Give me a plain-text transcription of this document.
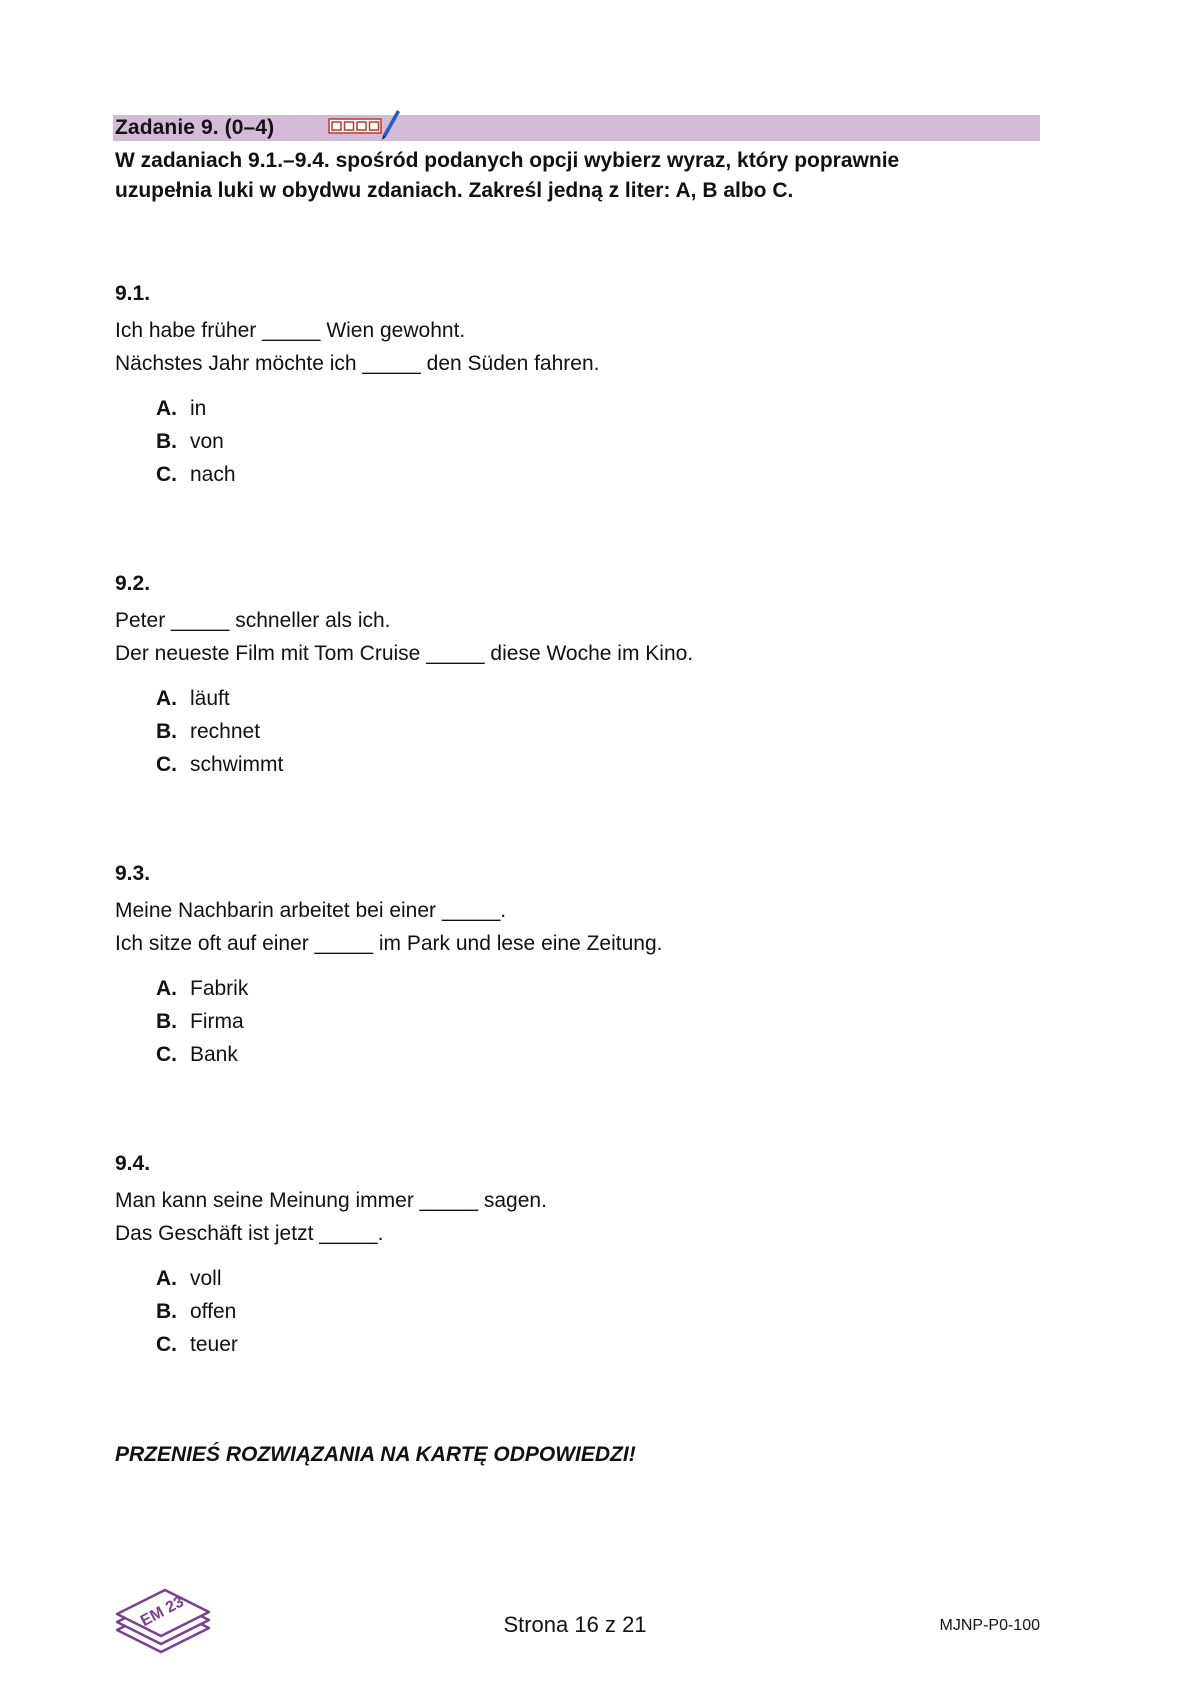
Zadanie 9. (0–4)
W zadaniach 9.1.–9.4. spośród podanych opcji wybierz wyraz, który poprawnie
uzupełnia luki w obydwu zdaniach. Zakreśl jedną z liter: A, B albo C.
9.1.
Ich habe früher _____ Wien gewohnt.
Nächstes Jahr möchte ich _____ den Süden fahren.
A. in
B. von
C. nach
9.2.
Peter _____ schneller als ich.
Der neueste Film mit Tom Cruise _____ diese Woche im Kino.
A. läuft
B. rechnet
C. schwimmt
9.3.
Meine Nachbarin arbeitet bei einer _____.
Ich sitze oft auf einer _____ im Park und lese eine Zeitung.
A. Fabrik
B. Firma
C. Bank
9.4.
Man kann seine Meinung immer _____ sagen.
Das Geschäft ist jetzt _____.
A. voll
B. offen
C. teuer
PRZENIEŚ ROZWIĄZANIA NA KARTĘ ODPOWIEDZI!
EM 23	Strona 16 z 21	MJNP-P0-100
